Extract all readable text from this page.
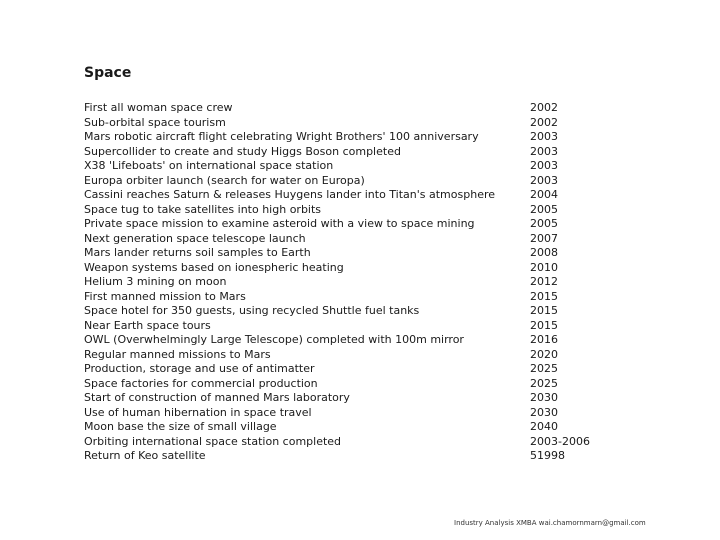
Space
First all woman space crew	2002
Sub-orbital space tourism	2002
Mars robotic aircraft flight celebrating Wright Brothers' 100 anniversary	2003
Supercollider to create and study Higgs Boson completed	2003
X38 'Lifeboats' on international space station	2003
Europa orbiter launch (search for water on Europa)	2003
Cassini reaches Saturn & releases Huygens lander into Titan's atmosphere	2004
Space tug to take satellites into high orbits	2005
Private space mission to examine asteroid with a view to space mining	2005
Next generation space telescope launch	2007
Mars lander returns soil samples to Earth	2008
Weapon systems based on ionespheric heating	2010
Helium 3 mining on moon	2012
First manned mission to Mars	2015
Space hotel for 350 guests, using recycled Shuttle fuel tanks	2015
Near Earth space tours	2015
OWL (Overwhelmingly Large Telescope) completed with 100m mirror	2016
Regular manned missions to Mars	2020
Production, storage and use of antimatter	2025
Space factories for commercial production	2025
Start of construction of manned Mars laboratory	2030
Use of human hibernation in space travel	2030
Moon base the size of small village	2040
Orbiting international space station completed	2003-2006
Return of Keo satellite	51998
Industry Analysis XMBA wai.chamornmarn@gmail.com
